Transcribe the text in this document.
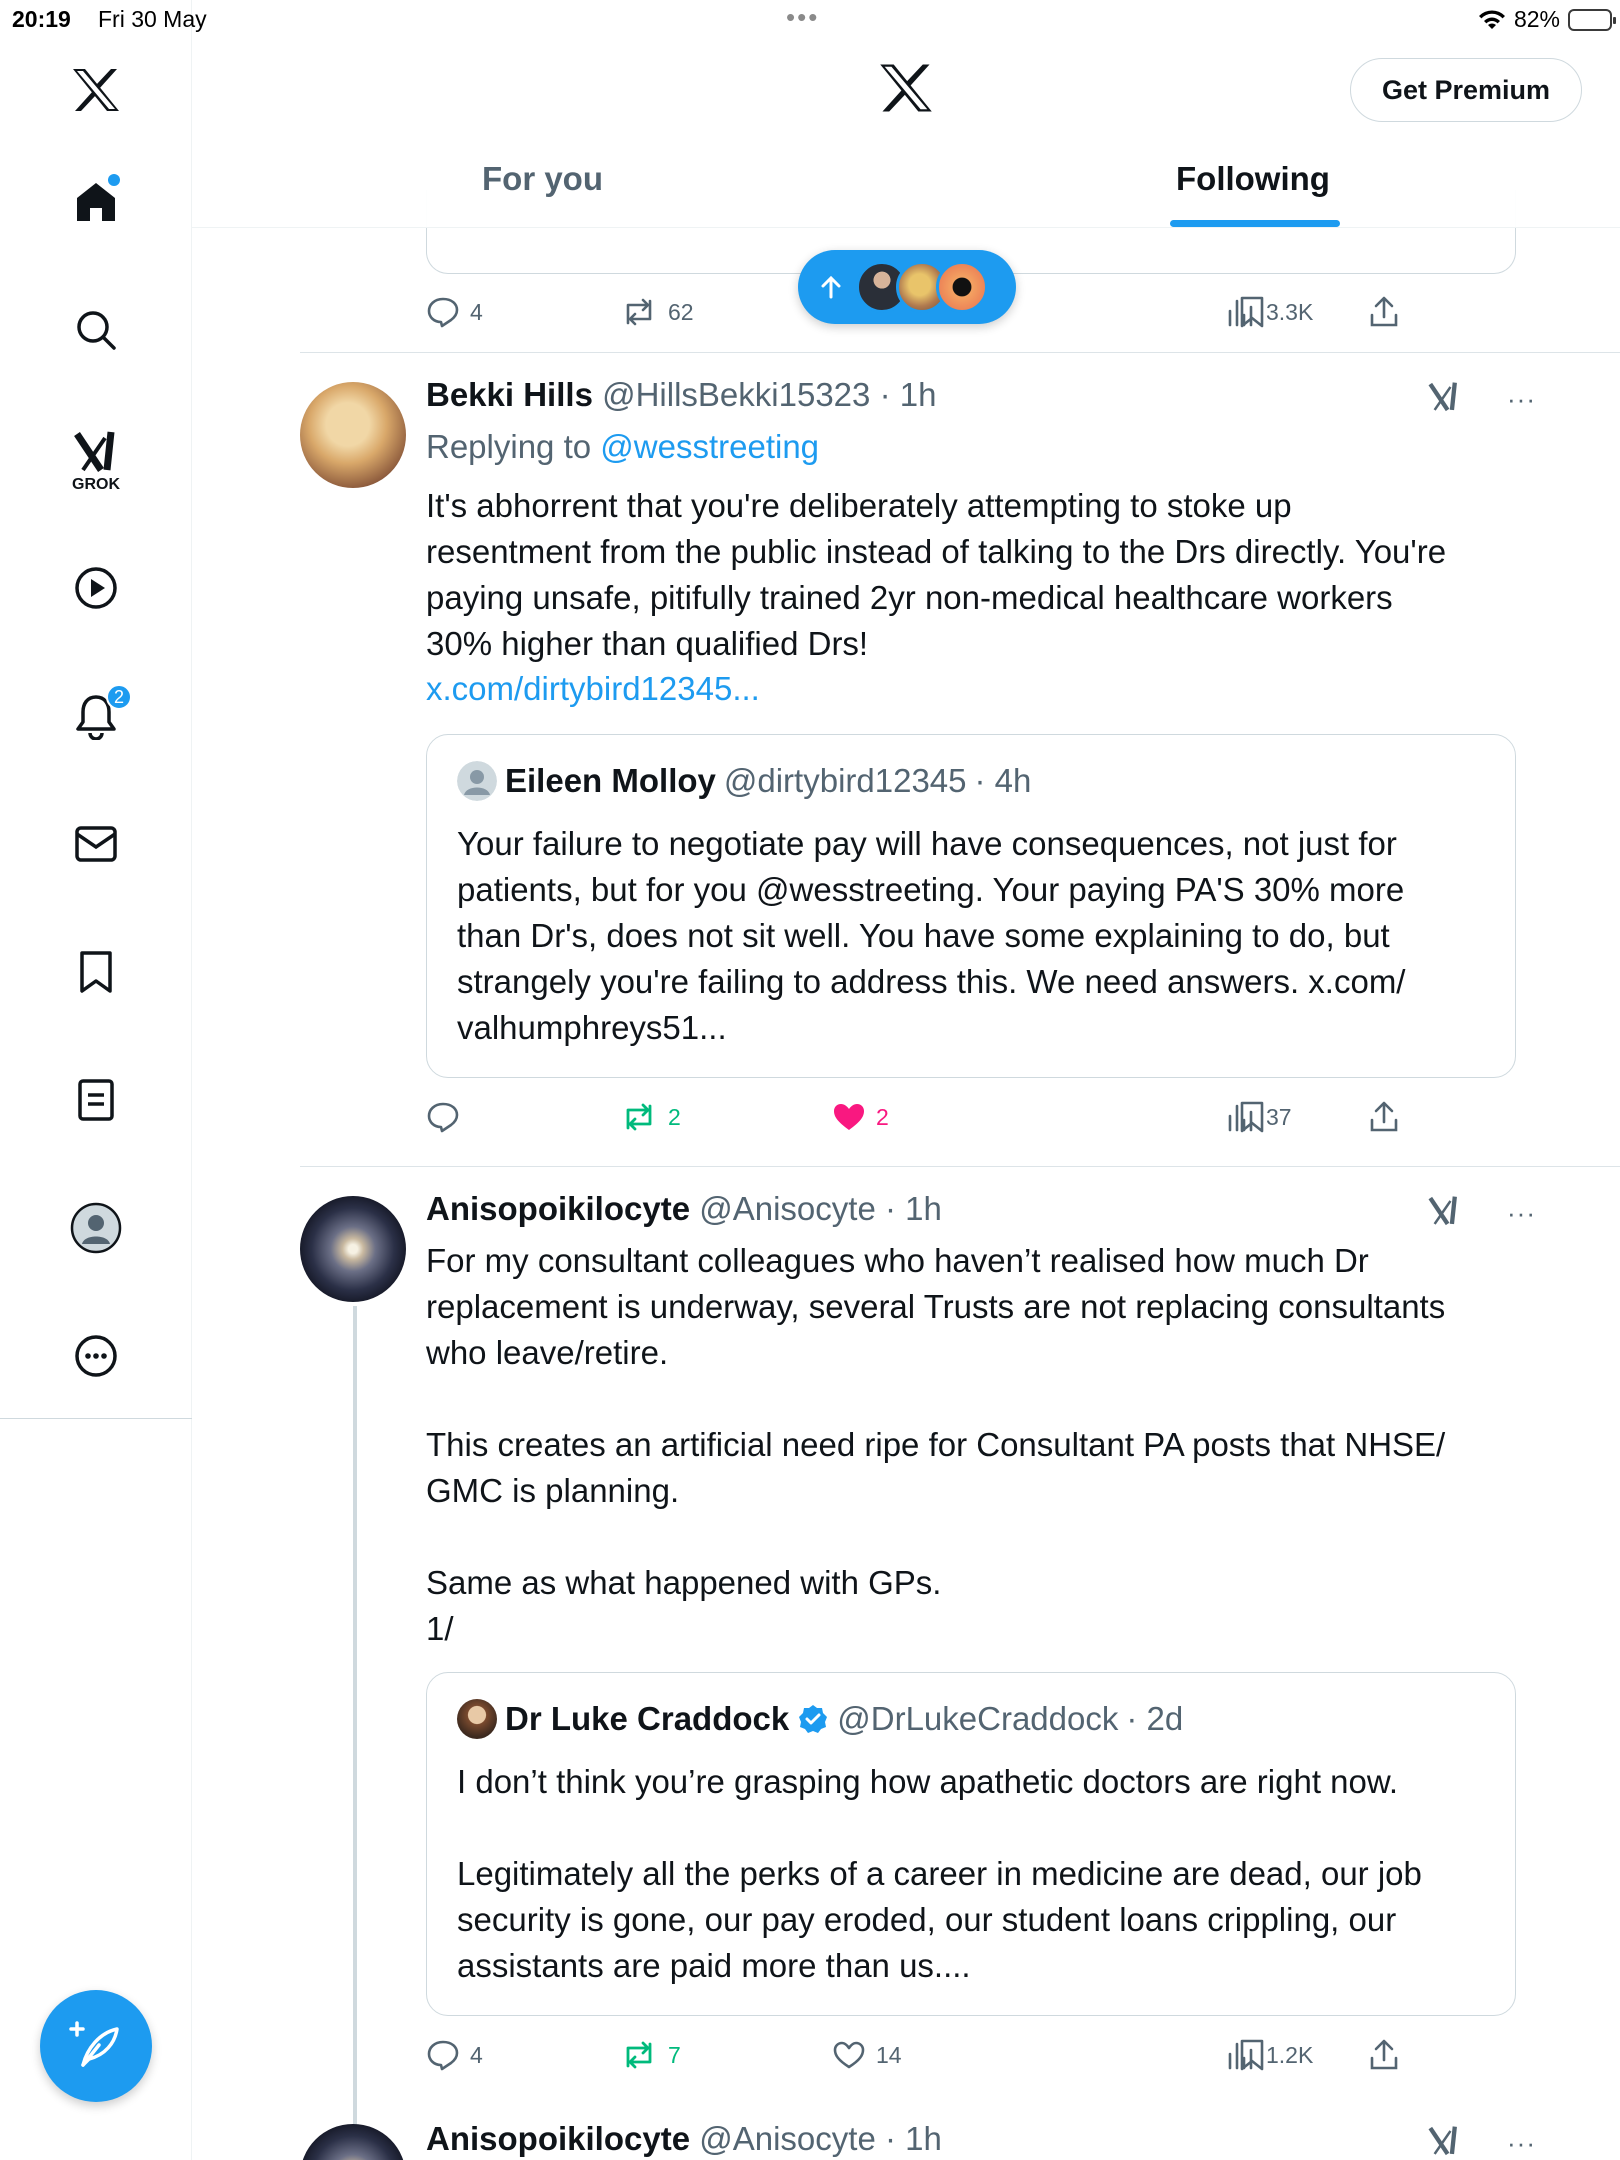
20:19 Fri 30 May	•••	82%
GROK
2
Get Premium
For you	Following
4	62	3.3K
Bekki Hills @HillsBekki15323 · 1h	···
Replying to @wesstreeting
It's abhorrent that you're deliberately attempting to stoke up
resentment from the public instead of talking to the Drs directly. You're
paying unsafe, pitifully trained 2yr non-medical healthcare workers
30% higher than qualified Drs!
x.com/dirtybird12345...
Eileen Molloy @dirtybird12345 · 4h
Your failure to negotiate pay will have consequences, not just for
patients, but for you @wesstreeting. Your paying PA'S 30% more
than Dr's, does not sit well. You have some explaining to do, but
strangely you're failing to address this. We need answers. x.com/
valhumphreys51...
2	2	37
Anisopoikilocyte @Anisocyte · 1h	···
For my consultant colleagues who haven’t realised how much Dr
replacement is underway, several Trusts are not replacing consultants
who leave/retire.

This creates an artificial need ripe for Consultant PA posts that NHSE/
GMC is planning.

Same as what happened with GPs.
1/
Dr Luke Craddock @DrLukeCraddock · 2d
I don’t think you’re grasping how apathetic doctors are right now.

Legitimately all the perks of a career in medicine are dead, our job
security is gone, our pay eroded, our student loans crippling, our
assistants are paid more than us....
4	7	14	1.2K
Anisopoikilocyte @Anisocyte · 1h	···
